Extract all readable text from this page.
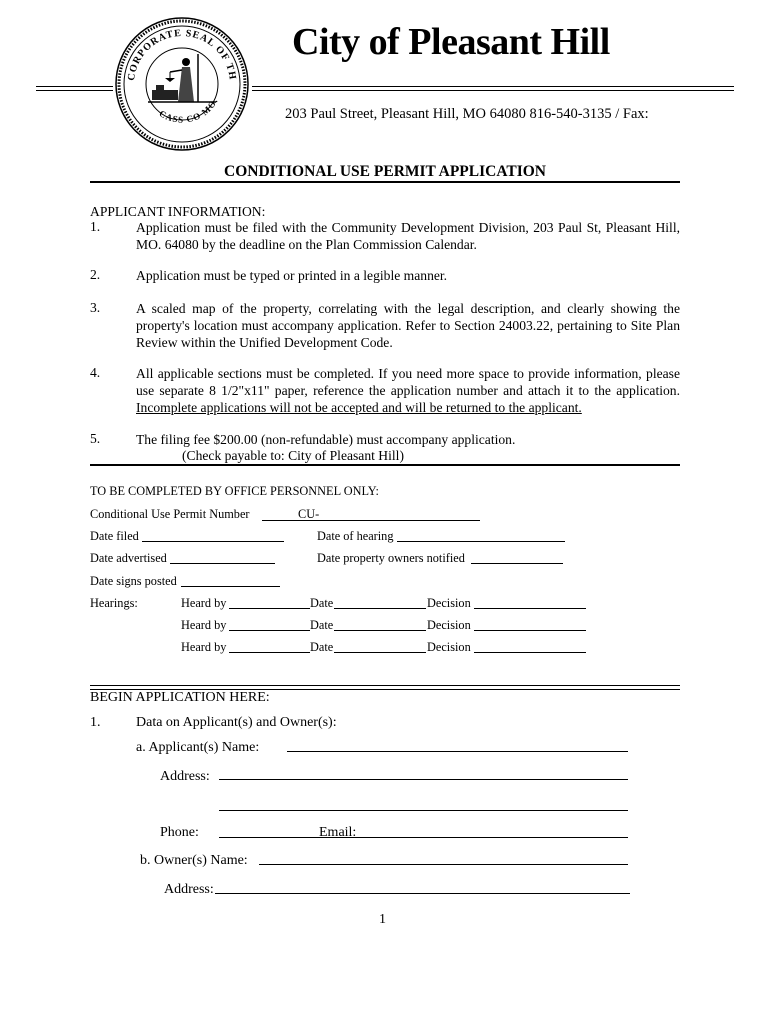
CORPORATE SEAL OF TH
CASS CO MO.
City of Pleasant Hill
203 Paul Street, Pleasant Hill, MO 64080 816-540-3135 / Fax:
CONDITIONAL USE PERMIT APPLICATION
APPLICANT INFORMATION:
1.	Application must be filed with the Community Development Division, 203 Paul St, Pleasant Hill, MO. 64080 by the deadline on the Plan Commission Calendar.
2.	Application must be typed or printed in a legible manner.
3.	A scaled map of the property, correlating with the legal description, and clearly showing the property's location must accompany application. Refer to Section 24003.22, pertaining to Site Plan Review within the Unified Development Code.
4.	All applicable sections must be completed. If you need more space to provide information, please use separate 8 1/2"x11" paper, reference the application number and attach it to the application. Incomplete applications will not be accepted and will be returned to the applicant.
5.	The filing fee $200.00 (non-refundable) must accompany application.
(Check payable to: City of Pleasant Hill)
TO BE COMPLETED BY OFFICE PERSONNEL ONLY:
Conditional Use Permit Number	CU-
Date filed	Date of hearing
Date advertised	Date property owners notified
Date signs posted
Hearings:	Heard by	Date	Decision
Heard by	Date	Decision
Heard by	Date	Decision
BEGIN APPLICATION HERE:
1.	Data on Applicant(s) and Owner(s):
a. Applicant(s) Name:
Address:
Phone:	Email:
b. Owner(s) Name:
Address:
1
